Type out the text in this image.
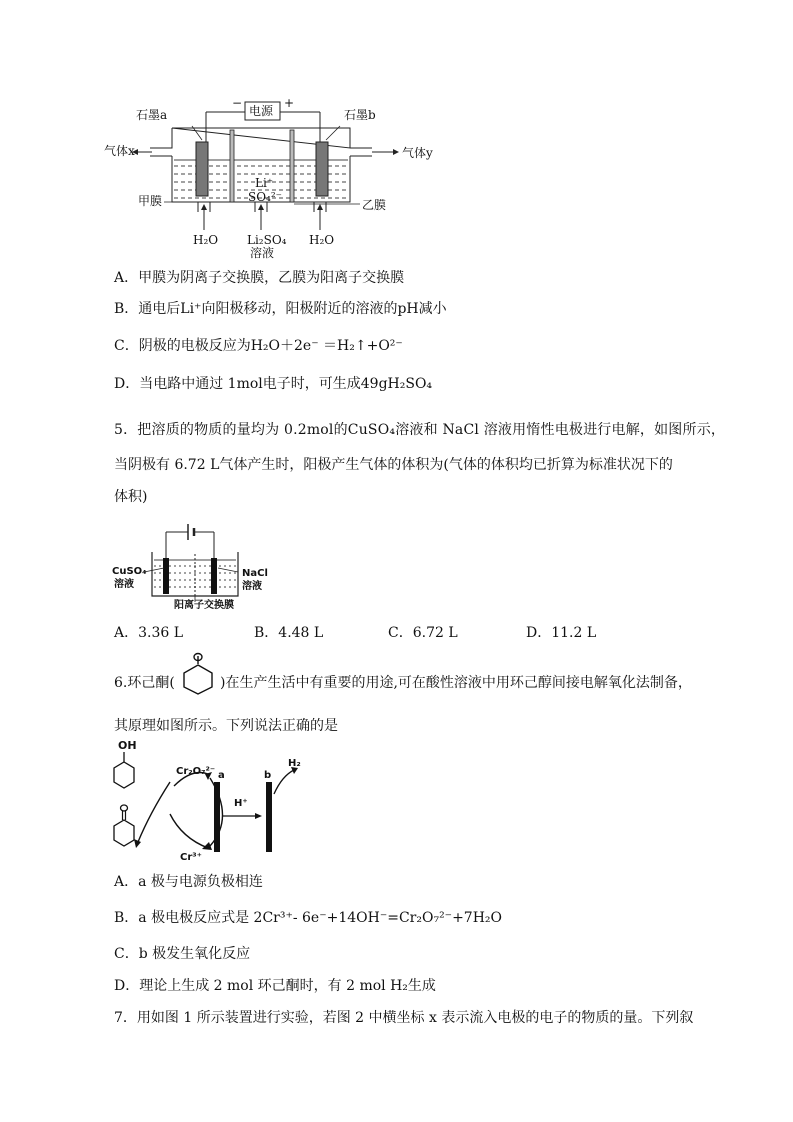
电源
−	+
石墨a	石墨b
气体x	气体y
甲膜	乙膜
Li⁺
SO₄²⁻
H₂O	H₂O
Li₂SO₄
溶液
A．甲膜为阴离子交换膜，乙膜为阳离子交换膜
B．通电后Li⁺向阳极移动，阳极附近的溶液的pH减小
C．阴极的电极反应为H₂O＋2e⁻ ＝H₂↑+O²⁻
D．当电路中通过 1mol电子时，可生成49gH₂SO₄
5．把溶质的物质的量均为 0.2mol的CuSO₄溶液和 NaCl 溶液用惰性电极进行电解，如图所示，
当阴极有 6.72 L气体产生时，阳极产生气体的体积为(气体的体积均已折算为标准状况下的
体积)
CuSO₄
溶液
NaCl
溶液
阳离子交换膜
A．3.36 L	B．4.48 L	C．6.72 L	D．11.2 L
6.环己酮(	)在生产生活中有重要的用途,可在酸性溶液中用环己醇间接电解氧化法制备，
其原理如图所示。下列说法正确的是
OH
Cr₂O₇²⁻
Cr³⁺
a	b
H⁺
H₂
A．a 极与电源负极相连
B．a 极电极反应式是 2Cr³⁺- 6e⁻+14OH⁻=Cr₂O₇²⁻+7H₂O
C．b 极发生氧化反应
D．理论上生成 2 mol 环己酮时，有 2 mol H₂生成
7．用如图 1 所示装置进行实验，若图 2 中横坐标 x 表示流入电极的电子的物质的量。下列叙
